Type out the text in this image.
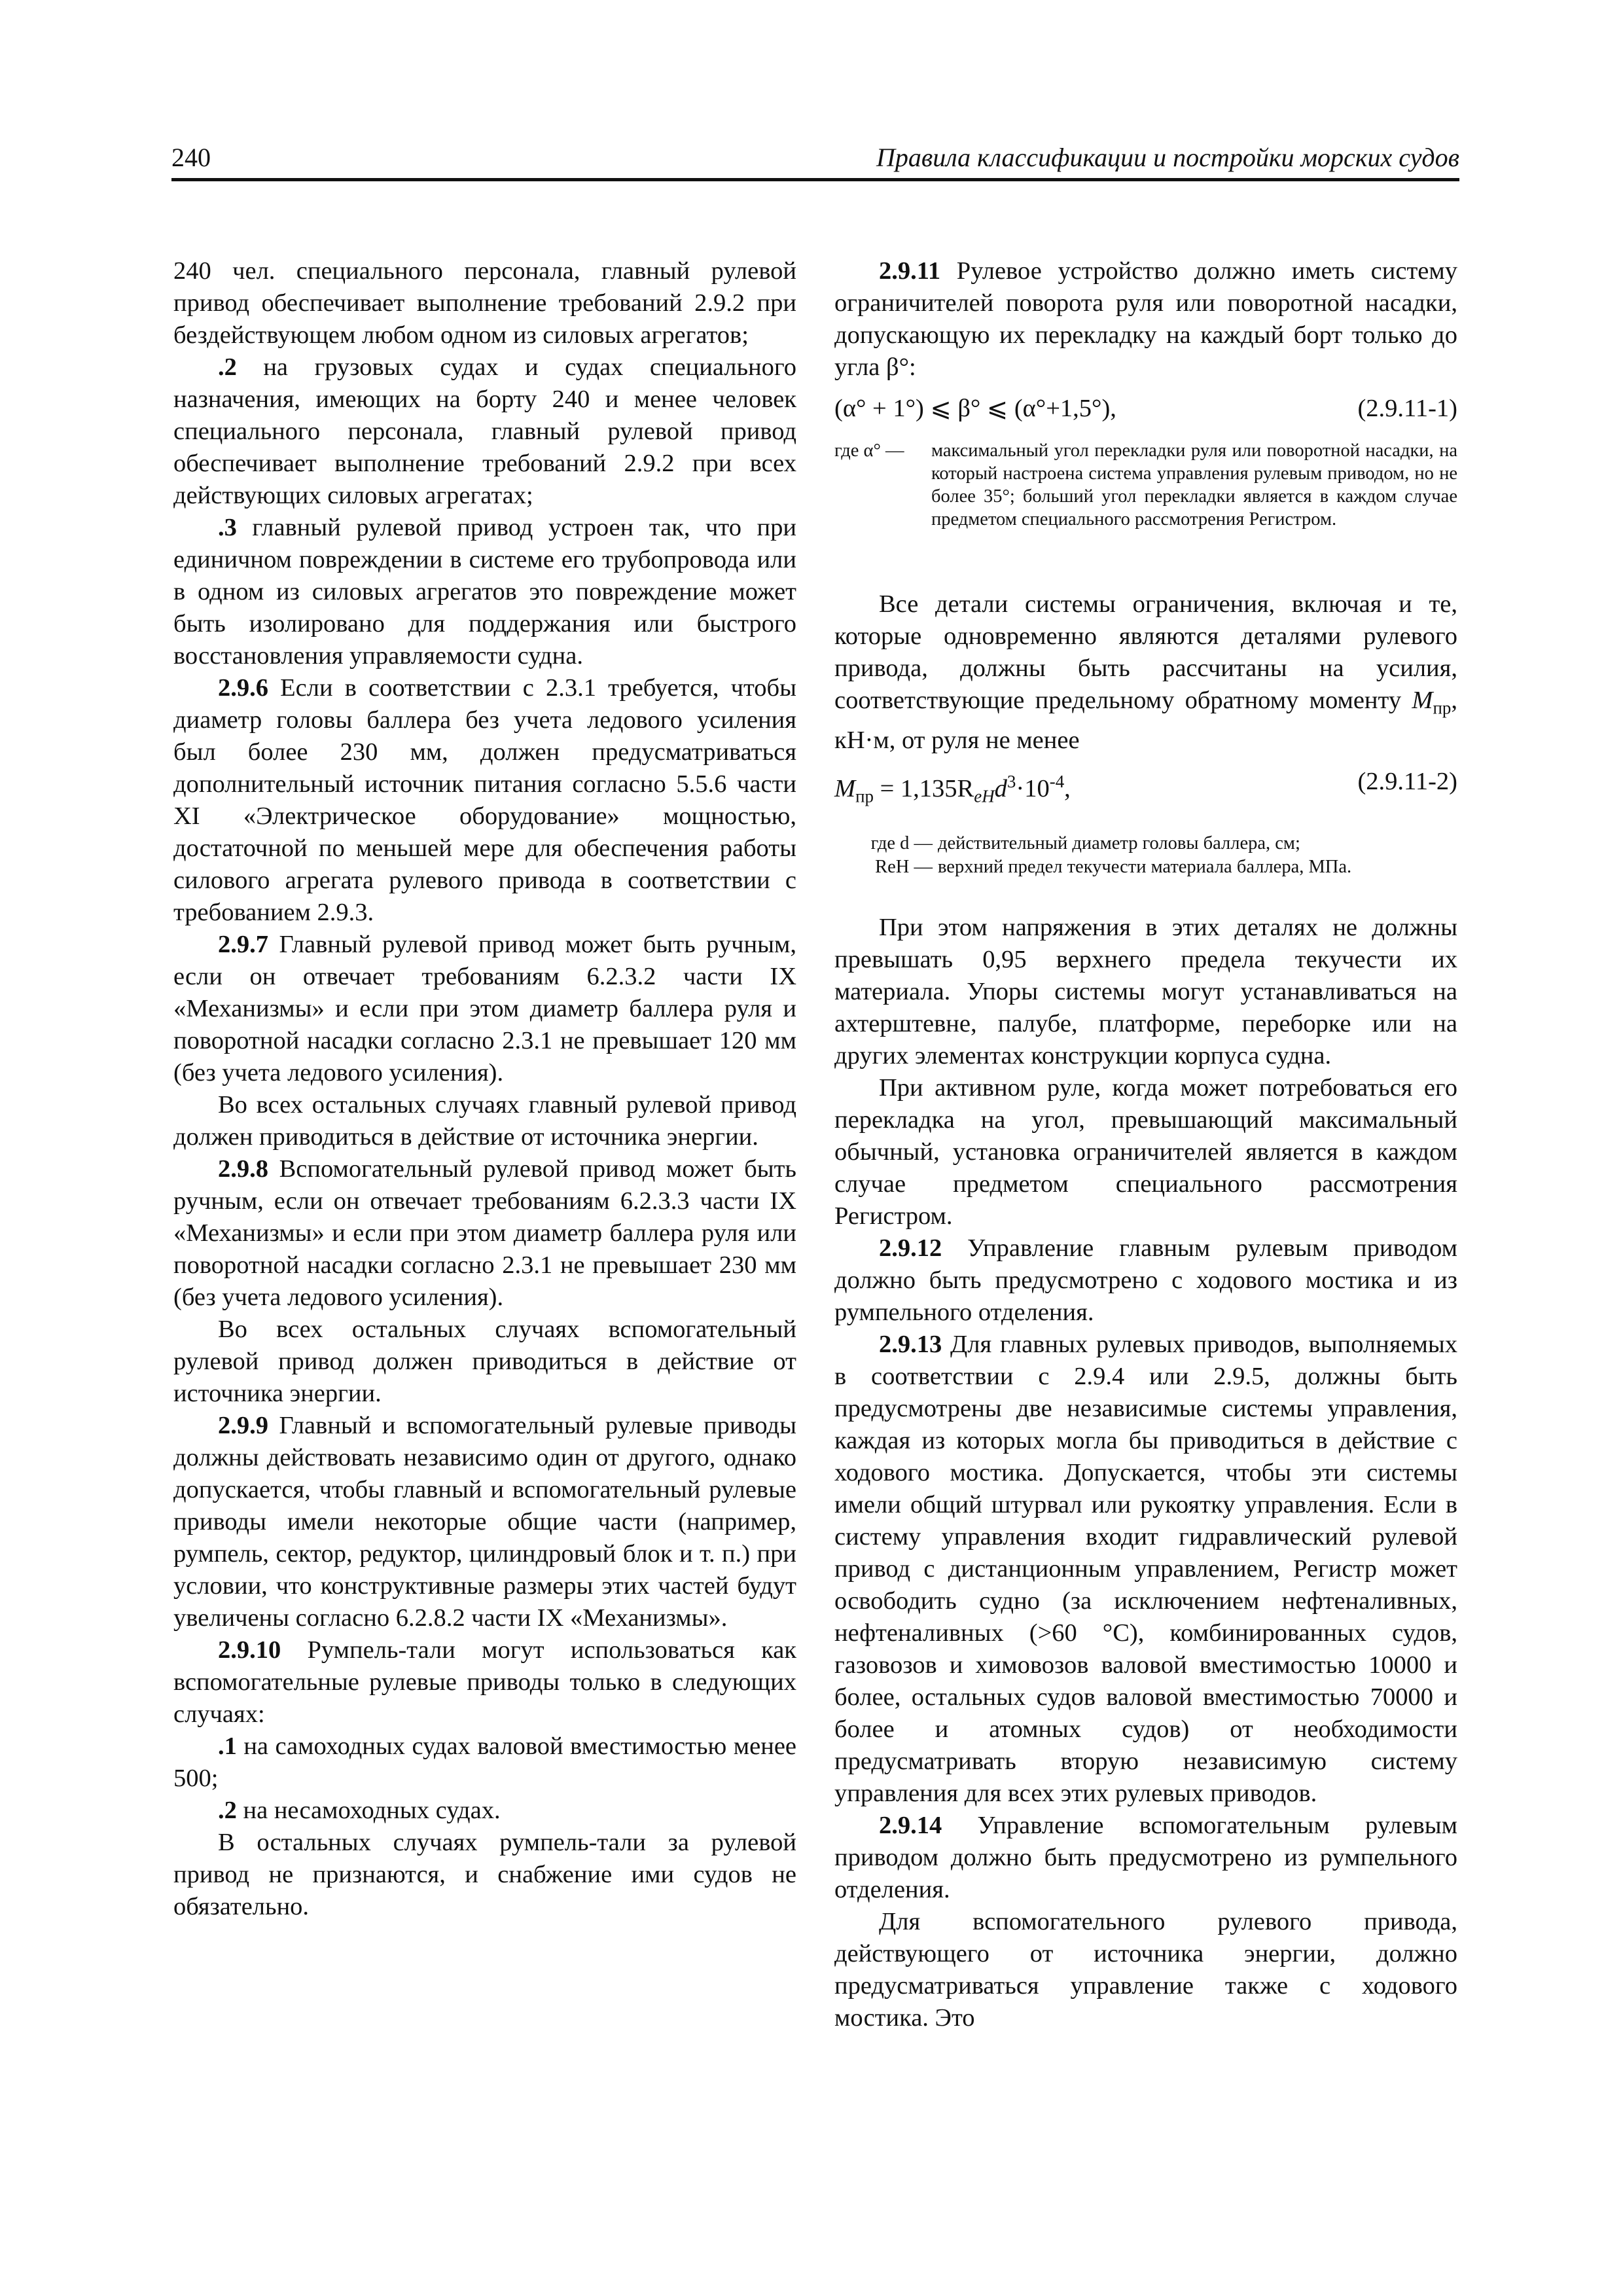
240	Правила классификации и постройки морских судов

240 чел. специального персонала, главный рулевой привод обеспечивает выполнение требований 2.9.2 при бездействующем любом одном из силовых агрегатов;

.2 на грузовых судах и судах специального назначения, имеющих на борту 240 и менее человек специального персонала, главный рулевой привод обеспечивает выполнение требований 2.9.2 при всех действующих силовых агрегатах;

.3 главный рулевой привод устроен так, что при единичном повреждении в системе его трубопровода или в одном из силовых агрегатов это повреждение может быть изолировано для поддержания или быстрого восстановления управляемости судна.

2.9.6 Если в соответствии с 2.3.1 требуется, чтобы диаметр головы баллера без учета ледового усиления был более 230 мм, должен предусматриваться дополнительный источник питания согласно 5.5.6 части XI «Электрическое оборудование» мощностью, достаточной по меньшей мере для обеспечения работы силового агрегата рулевого привода в соответствии с требованием 2.9.3.

2.9.7 Главный рулевой привод может быть ручным, если он отвечает требованиям 6.2.3.2 части IX «Механизмы» и если при этом диаметр баллера руля и поворотной насадки согласно 2.3.1 не превышает 120 мм (без учета ледового усиления).

Во всех остальных случаях главный рулевой привод должен приводиться в действие от источника энергии.

2.9.8 Вспомогательный рулевой привод может быть ручным, если он отвечает требованиям 6.2.3.3 части IX «Механизмы» и если при этом диаметр баллера руля или поворотной насадки согласно 2.3.1 не превышает 230 мм (без учета ледового усиления).

Во всех остальных случаях вспомогательный рулевой привод должен приводиться в действие от источника энергии.

2.9.9 Главный и вспомогательный рулевые приводы должны действовать независимо один от другого, однако допускается, чтобы главный и вспомогательный рулевые приводы имели некоторые общие части (например, румпель, сектор, редуктор, цилиндровый блок и т. п.) при условии, что конструктивные размеры этих частей будут увеличены согласно 6.2.8.2 части IX «Механизмы».

2.9.10 Румпель-тали могут использоваться как вспомогательные рулевые приводы только в следующих случаях:

.1 на самоходных судах валовой вместимостью менее 500;

.2 на несамоходных судах.

В остальных случаях румпель-тали за рулевой привод не признаются, и снабжение ими судов не обязательно.

2.9.11 Рулевое устройство должно иметь систему ограничителей поворота руля или поворотной насадки, допускающую их перекладку на каждый борт только до угла β°:

(α° + 1°) ⩽ β° ⩽ (α°+1,5°),	(2.9.11-1)
где α° —	максимальный угол перекладки руля или поворотной насадки, на который настроена система управления рулевым приводом, но не более 35°; больший угол перекладки является в каждом случае предметом специального рассмотрения Регистром.

Все детали системы ограничения, включая и те, которые одновременно являются деталями рулевого привода, должны быть рассчитаны на усилия, соответствующие предельному обратному моменту $M_{пр}$, кН·м, от руля не менее

$M_{пр} = 1,135R_{eH}d^3\cdot 10^{-4}$,	(2.9.11-2)
где d — действительный диаметр головы баллера, см;
ReH — верхний предел текучести материала баллера, МПа.

При этом напряжения в этих деталях не должны превышать 0,95 верхнего предела текучести их материала. Упоры системы могут устанавливаться на ахтерштевне, палубе, платформе, переборке или на других элементах конструкции корпуса судна.

При активном руле, когда может потребоваться его перекладка на угол, превышающий максимальный обычный, установка ограничителей является в каждом случае предметом специального рассмотрения Регистром.

2.9.12 Управление главным рулевым приводом должно быть предусмотрено с ходового мостика и из румпельного отделения.

2.9.13 Для главных рулевых приводов, выполняемых в соответствии с 2.9.4 или 2.9.5, должны быть предусмотрены две независимые системы управления, каждая из которых могла бы приводиться в действие с ходового мостика. Допускается, чтобы эти системы имели общий штурвал или рукоятку управления. Если в систему управления входит гидравлический рулевой привод с дистанционным управлением, Регистр может освободить судно (за исключением нефтеналивных, нефтеналивных (>60 °С), комбинированных судов, газовозов и химовозов валовой вместимостью 10000 и более, остальных судов валовой вместимостью 70000 и более и атомных судов) от необходимости предусматривать вторую независимую систему управления для всех этих рулевых приводов.

2.9.14 Управление вспомогательным рулевым приводом должно быть предусмотрено из румпельного отделения.

Для вспомогательного рулевого привода, действующего от источника энергии, должно предусматриваться управление также с ходового мостика. Это
